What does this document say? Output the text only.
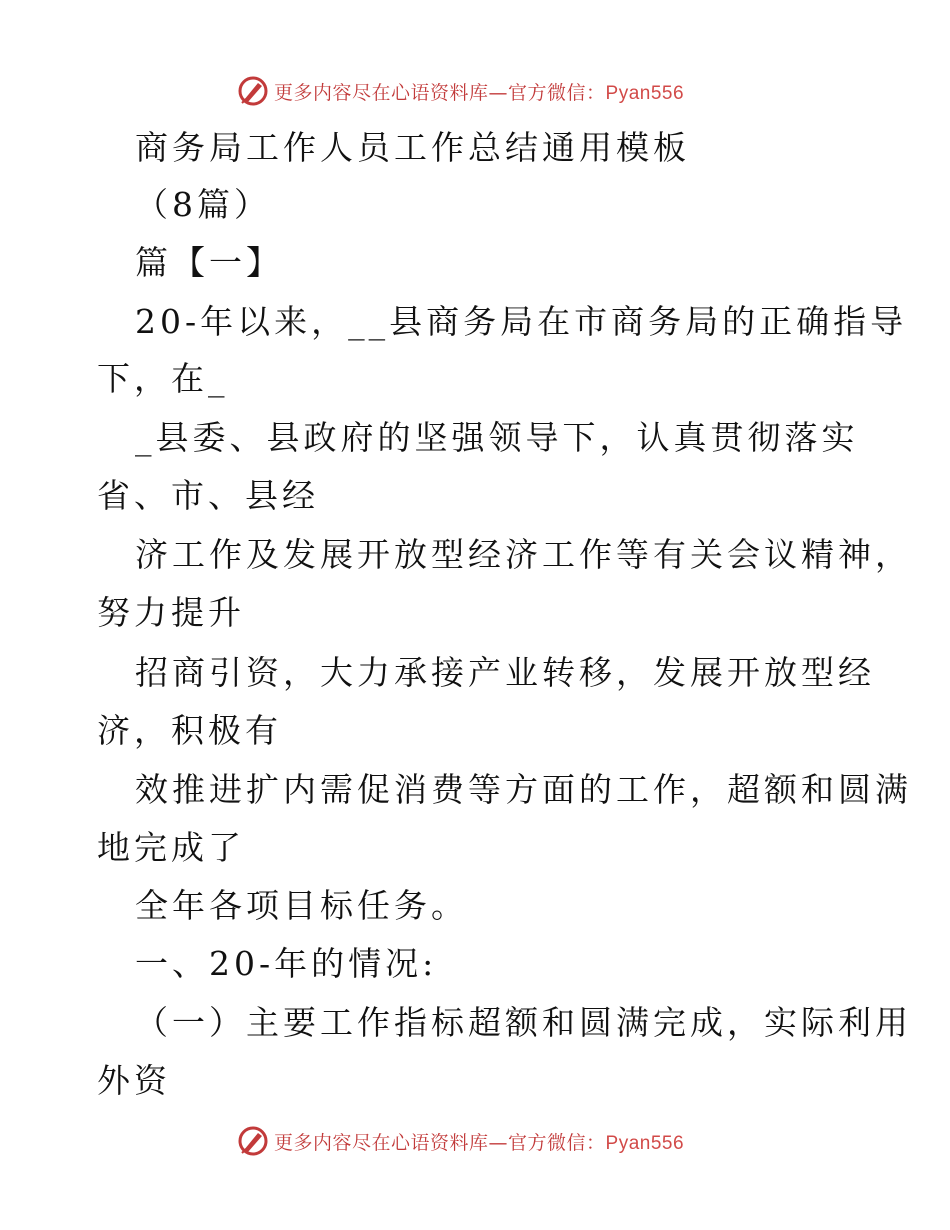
更多内容尽在心语资料库—官方微信：Pyan556
商务局工作人员工作总结通用模板
（8篇）
篇【一】
20-年以来，__县商务局在市商务局的正确指导
下，在_
_县委、县政府的坚强领导下，认真贯彻落实
省、市、县经
济工作及发展开放型经济工作等有关会议精神，
努力提升
招商引资，大力承接产业转移，发展开放型经
济，积极有
效推进扩内需促消费等方面的工作，超额和圆满
地完成了
全年各项目标任务。
一、20-年的情况:
（一）主要工作指标超额和圆满完成，实际利用
外资
更多内容尽在心语资料库—官方微信：Pyan556
